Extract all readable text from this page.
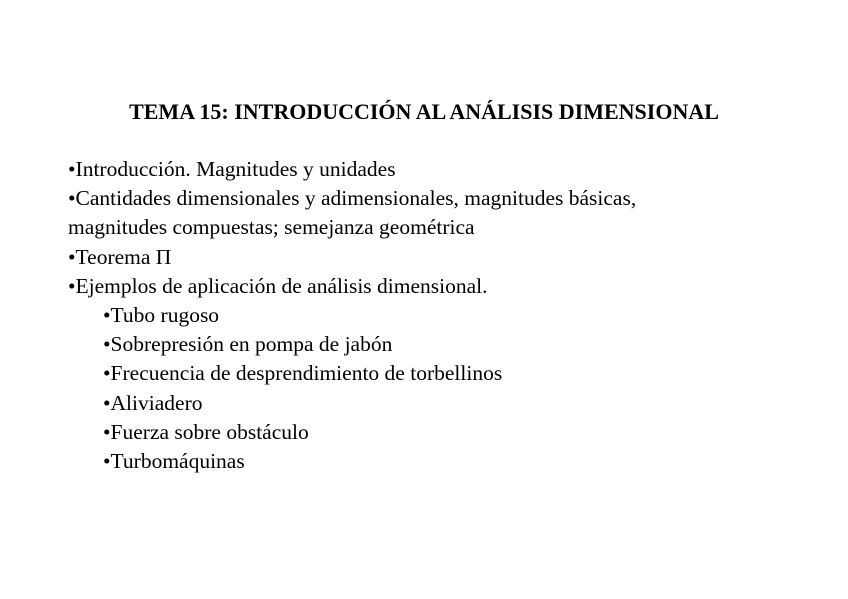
TEMA 15: INTRODUCCIÓN AL ANÁLISIS DIMENSIONAL
•Introducción. Magnitudes y unidades
•Cantidades dimensionales y adimensionales, magnitudes básicas,
magnitudes compuestas; semejanza geométrica
•Teorema Π
•Ejemplos de aplicación de análisis dimensional.
•Tubo rugoso
•Sobrepresión en pompa de jabón
•Frecuencia de desprendimiento de torbellinos
•Aliviadero
•Fuerza sobre obstáculo
•Turbomáquinas
